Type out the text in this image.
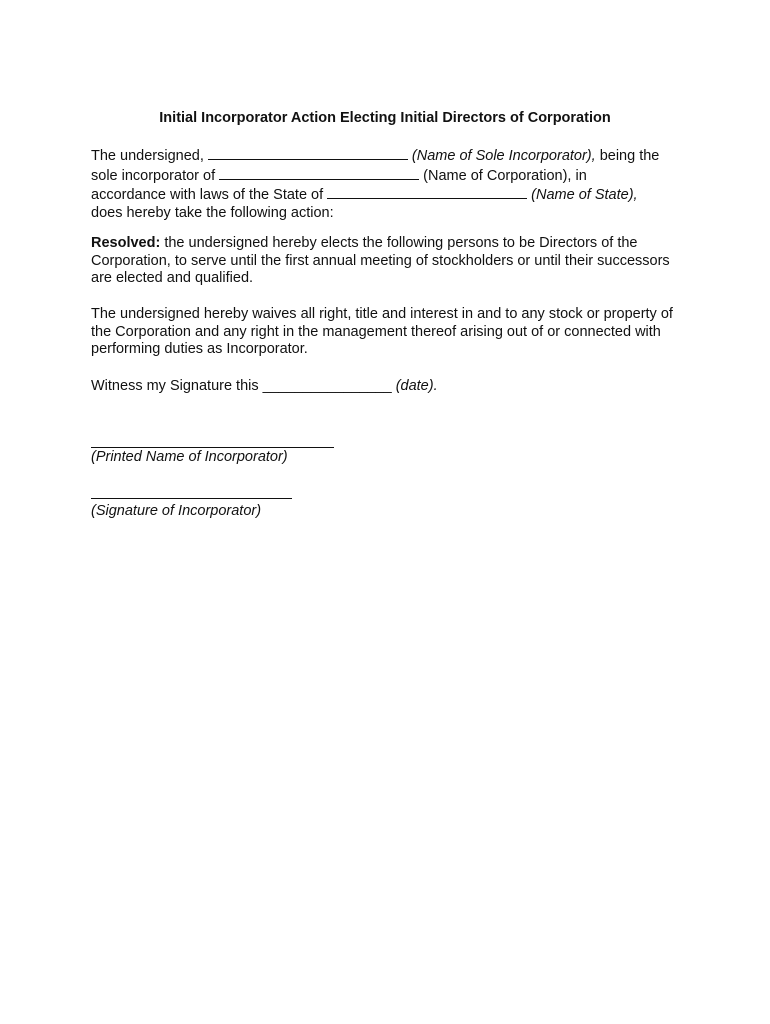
Initial Incorporator Action Electing Initial Directors of Corporation
The undersigned,	(Name of Sole Incorporator), being the
sole incorporator of	(Name of Corporation), in
accordance with laws of the State of	(Name of State),
does hereby take the following action:
Resolved: the undersigned hereby elects the following persons to be Directors of the Corporation, to serve until the first annual meeting of stockholders or until their successors are elected and qualified.
The undersigned hereby waives all right, title and interest in and to any stock or property of the Corporation and any right in the management thereof arising out of or connected with performing duties as Incorporator.
Witness my Signature this ________________ (date).
(Printed Name of Incorporator)
(Signature of Incorporator)
